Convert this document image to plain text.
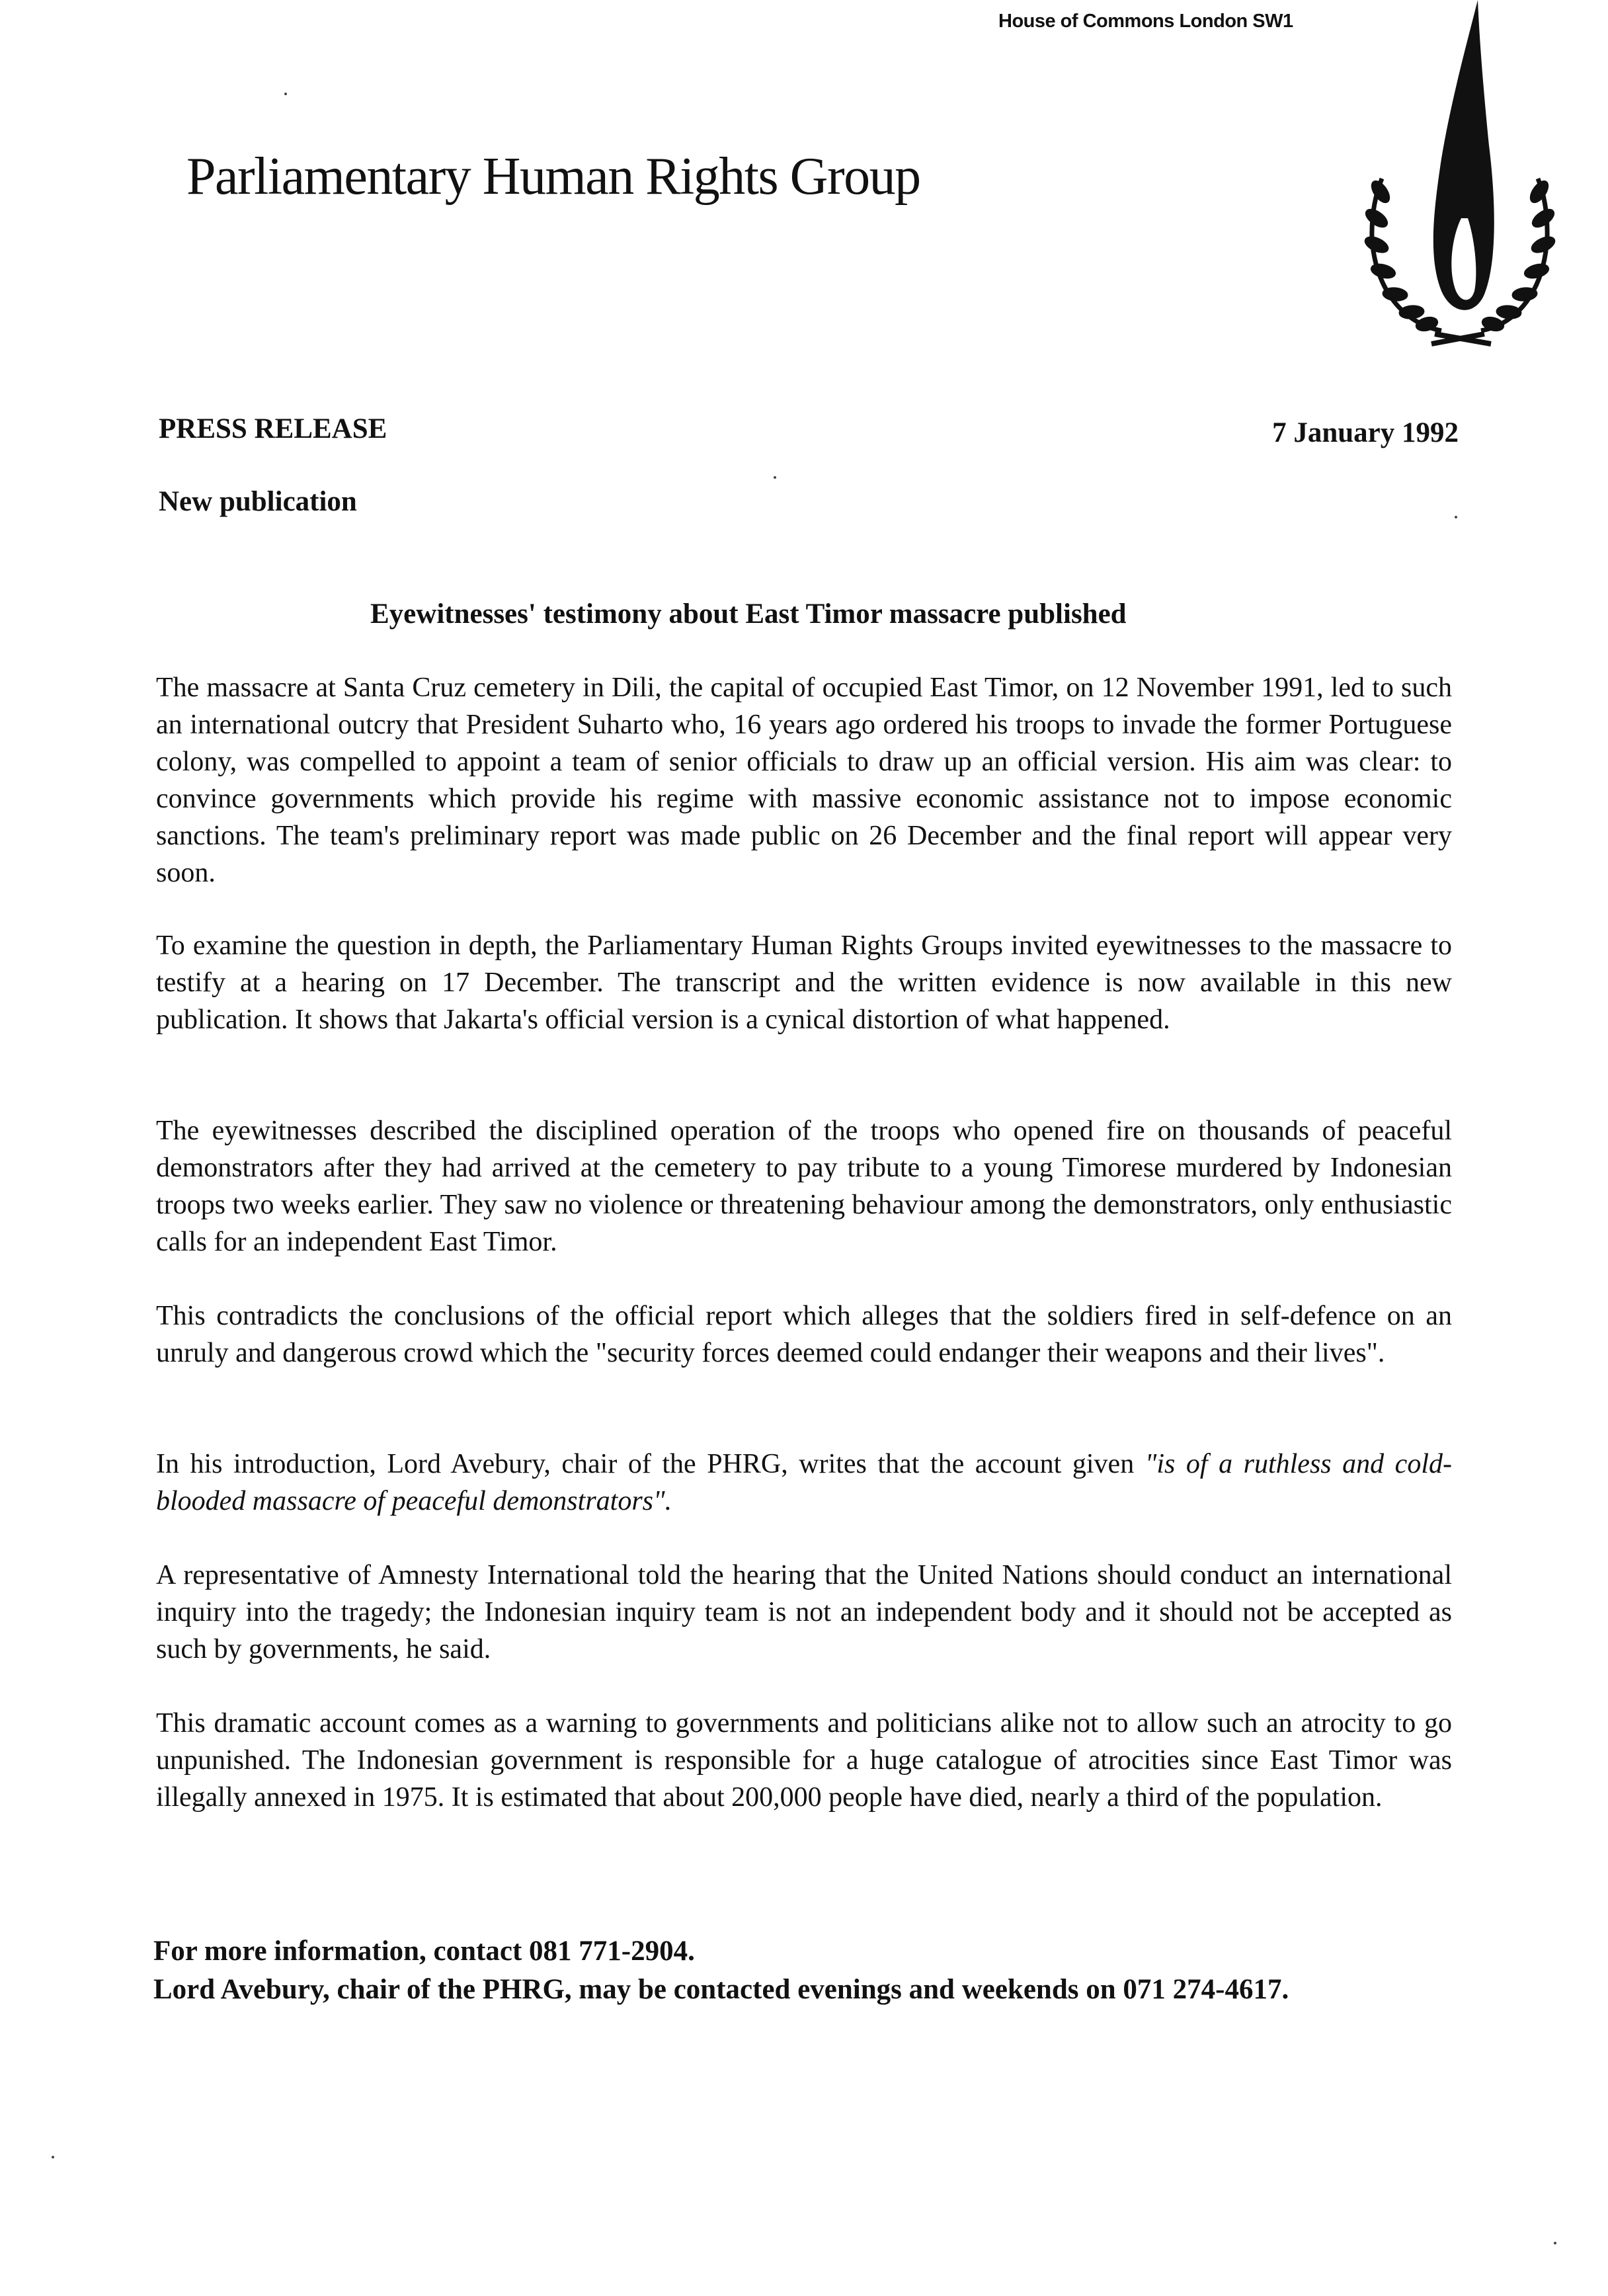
House of Commons London SW1
Parliamentary Human Rights Group
PRESS RELEASE	7 January 1992
New publication
Eyewitnesses' testimony about East Timor massacre published

The massacre at Santa Cruz cemetery in Dili, the capital of occupied East Timor, on 12 November 1991, led to such an international outcry that President Suharto who, 16 years ago ordered his troops to invade the former Portuguese colony, was compelled to appoint a team of senior officials to draw up an official version. His aim was clear: to convince governments which provide his regime with massive economic assistance not to impose economic sanctions. The team's preliminary report was made public on 26 December and the final report will appear very soon.

To examine the question in depth, the Parliamentary Human Rights Groups invited eyewitnesses to the massacre to testify at a hearing on 17 December. The transcript and the written evidence is now available in this new publication. It shows that Jakarta's official version is a cynical distortion of what happened.

The eyewitnesses described the disciplined operation of the troops who opened fire on thousands of peaceful demonstrators after they had arrived at the cemetery to pay tribute to a young Timorese murdered by Indonesian troops two weeks earlier. They saw no violence or threatening behaviour among the demonstrators, only enthusiastic calls for an independent East Timor.

This contradicts the conclusions of the official report which alleges that the soldiers fired in self-defence on an unruly and dangerous crowd which the "security forces deemed could endanger their weapons and their lives".

In his introduction, Lord Avebury, chair of the PHRG, writes that the account given "is of a ruthless and cold-blooded massacre of peaceful demonstrators".

A representative of Amnesty International told the hearing that the United Nations should conduct an international inquiry into the tragedy; the Indonesian inquiry team is not an independent body and it should not be accepted as such by governments, he said.

This dramatic account comes as a warning to governments and politicians alike not to allow such an atrocity to go unpunished. The Indonesian government is responsible for a huge catalogue of atrocities since East Timor was illegally annexed in 1975. It is estimated that about 200,000 people have died, nearly a third of the population.

For more information, contact 081 771-2904.
Lord Avebury, chair of the PHRG, may be contacted evenings and weekends on 071 274-4617.
